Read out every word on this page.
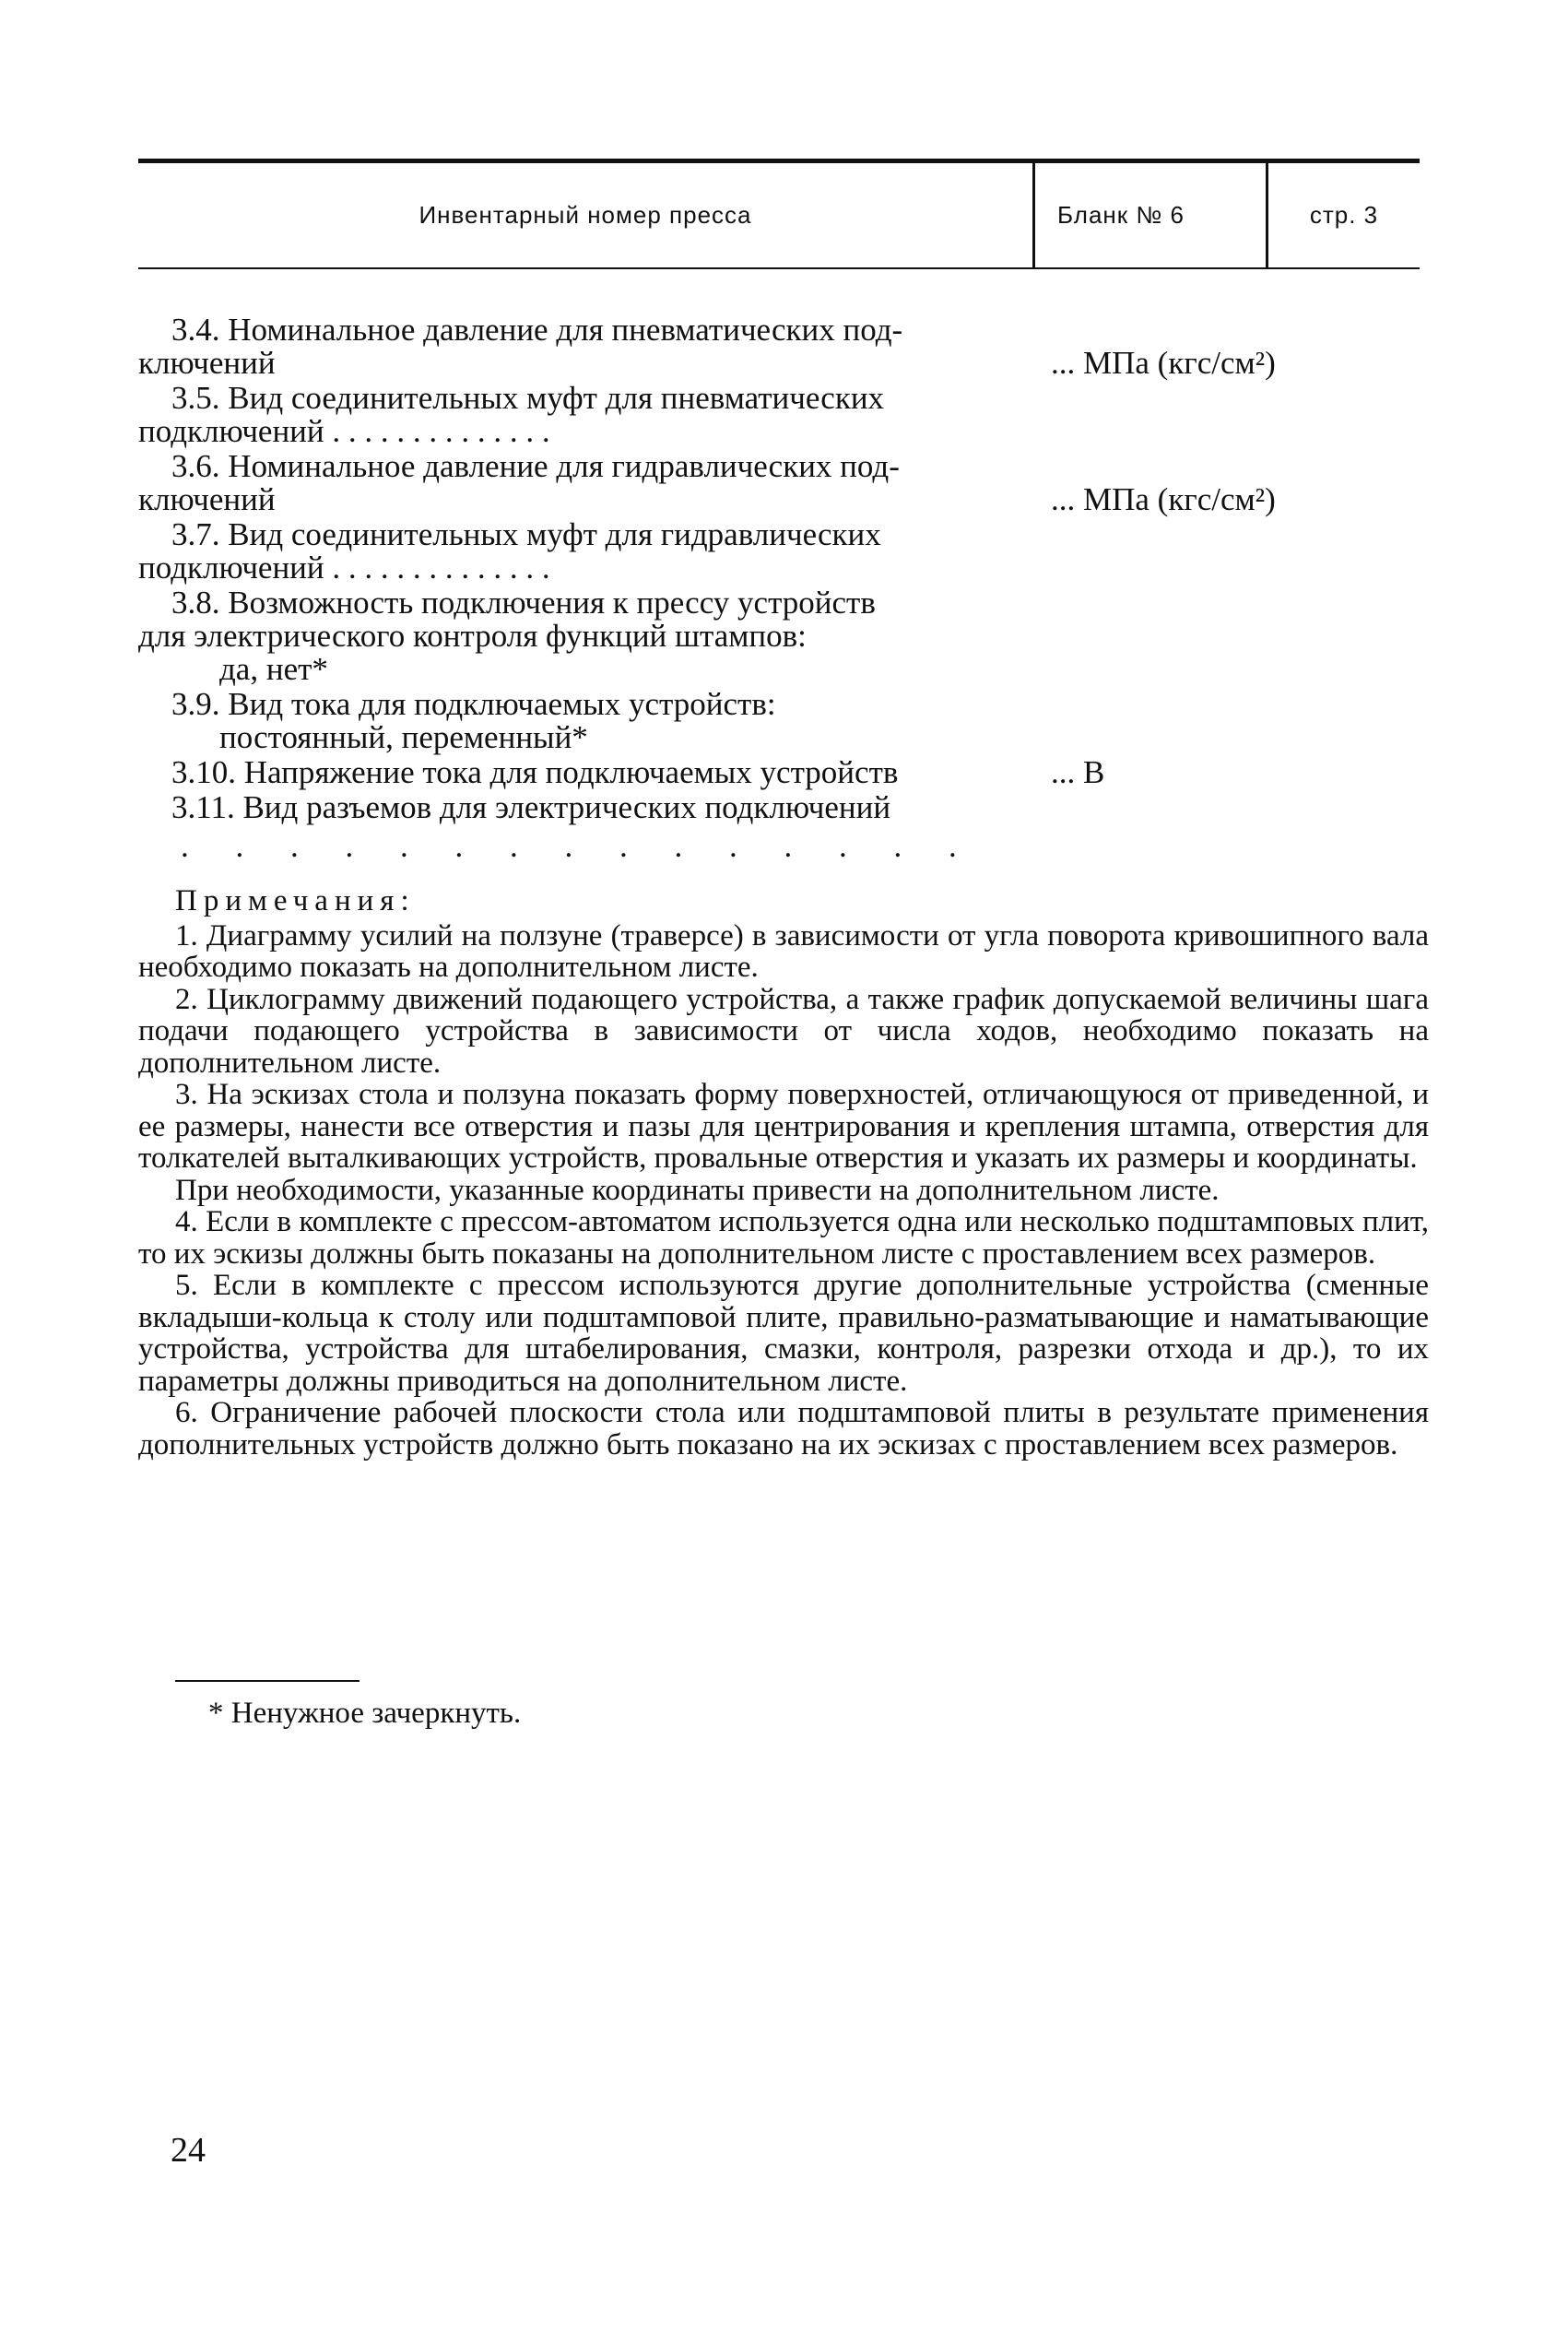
Инвентарный номер пресса	Бланк № 6	стр. 3
3.4. Номинальное давление для пневматических под-
ключений	... МПа (кгс/см²)
3.5. Вид соединительных муфт для пневматических
подключений . . . . . . . . . . . . . .
3.6. Номинальное давление для гидравлических под-
ключений	... МПа (кгс/см²)
3.7. Вид соединительных муфт для гидравлических
подключений . . . . . . . . . . . . . .
3.8. Возможность подключения к прессу устройств
для электрического контроля функций штампов:
да, нет*
3.9. Вид тока для подключаемых устройств:
постоянный, переменный*
3.10. Напряжение тока для подключаемых устройств	... В
3.11. Вид разъемов для электрических подключений
. . . . . . . . . . . . . . .
Примечания:

1. Диаграмму усилий на ползуне (траверсе) в зависимости от угла поворота кривошипного вала необходимо показать на дополнительном листе.

2. Циклограмму движений подающего устройства, а также график допускаемой величины шага подачи подающего устройства в зависимости от числа ходов, необходимо показать на дополнительном листе.

3. На эскизах стола и ползуна показать форму поверхностей, отличающуюся от приведенной, и ее размеры, нанести все отверстия и пазы для центрирования и крепления штампа, отверстия для толкателей выталкивающих устройств, провальные отверстия и указать их размеры и координаты.

При необходимости, указанные координаты привести на дополнительном листе.

4. Если в комплекте с прессом-автоматом используется одна или несколько подштамповых плит, то их эскизы должны быть показаны на дополнительном листе с проставлением всех размеров.

5. Если в комплекте с прессом используются другие дополнительные устройства (сменные вкладыши-кольца к столу или подштамповой плите, правильно-разматывающие и наматывающие устройства, устройства для штабелирования, смазки, контроля, разрезки отхода и др.), то их параметры должны приводиться на дополнительном листе.

6. Ограничение рабочей плоскости стола или подштамповой плиты в результате применения дополнительных устройств должно быть показано на их эскизах с проставлением всех размеров.

* Ненужное зачеркнуть.
24
